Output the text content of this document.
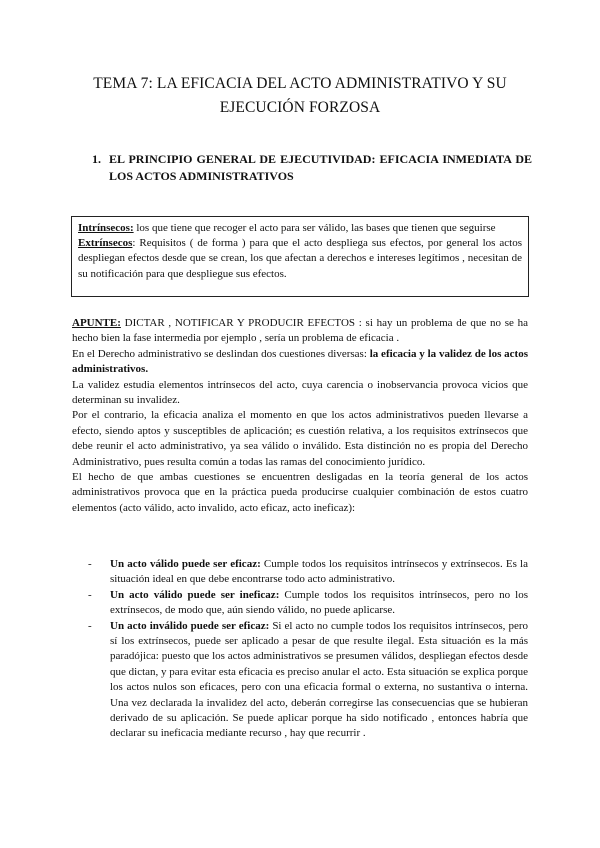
TEMA 7: LA EFICACIA DEL ACTO ADMINISTRATIVO Y SU EJECUCIÓN FORZOSA
1. EL PRINCIPIO GENERAL DE EJECUTIVIDAD: EFICACIA INMEDIATA DE LOS ACTOS ADMINISTRATIVOS

Intrínsecos: los que tiene que recoger el acto para ser válido, las bases que tienen que seguirse

Extrínsecos: Requisitos ( de forma ) para que el acto despliega sus efectos, por general los actos despliegan efectos desde que se crean, los que afectan a derechos e intereses legítimos , necesitan de su notificación para que despliegue sus efectos.

APUNTE: DICTAR , NOTIFICAR Y PRODUCIR EFECTOS : si hay un problema de que no se ha hecho bien la fase intermedia por ejemplo , sería un problema de eficacia .

En el Derecho administrativo se deslindan dos cuestiones diversas: la eficacia y la validez de los actos administrativos.

La validez estudia elementos intrínsecos del acto, cuya carencia o inobservancia provoca vicios que determinan su invalidez.

Por el contrario, la eficacia analiza el momento en que los actos administrativos pueden llevarse a efecto, siendo aptos y susceptibles de aplicación; es cuestión relativa, a los requisitos extrínsecos que debe reunir el acto administrativo, ya sea válido o inválido. Esta distinción no es propia del Derecho Administrativo, pues resulta común a todas las ramas del conocimiento jurídico.

El hecho de que ambas cuestiones se encuentren desligadas en la teoría general de los actos administrativos provoca que en la práctica pueda producirse cualquier combinación de estos cuatro elementos (acto válido, acto invalido, acto eficaz, acto ineficaz):

- Un acto válido puede ser eficaz: Cumple todos los requisitos intrínsecos y extrínsecos. Es la situación ideal en que debe encontrarse todo acto administrativo.

- Un acto válido puede ser ineficaz: Cumple todos los requisitos intrínsecos, pero no los extrínsecos, de modo que, aún siendo válido, no puede aplicarse.

- Un acto inválido puede ser eficaz: Si el acto no cumple todos los requisitos intrínsecos, pero sí los extrínsecos, puede ser aplicado a pesar de que resulte ilegal. Esta situación es la más paradójica: puesto que los actos administrativos se presumen válidos, despliegan efectos desde que dictan, y para evitar esta eficacia es preciso anular el acto. Esta situación se explica porque los actos nulos son eficaces, pero con una eficacia formal o externa, no sustantiva o interna. Una vez declarada la invalidez del acto, deberán corregirse las consecuencias que se hubieran derivado de su aplicación. Se puede aplicar porque ha sido notificado , entonces habría que declarar su ineficacia mediante recurso , hay que recurrir .
